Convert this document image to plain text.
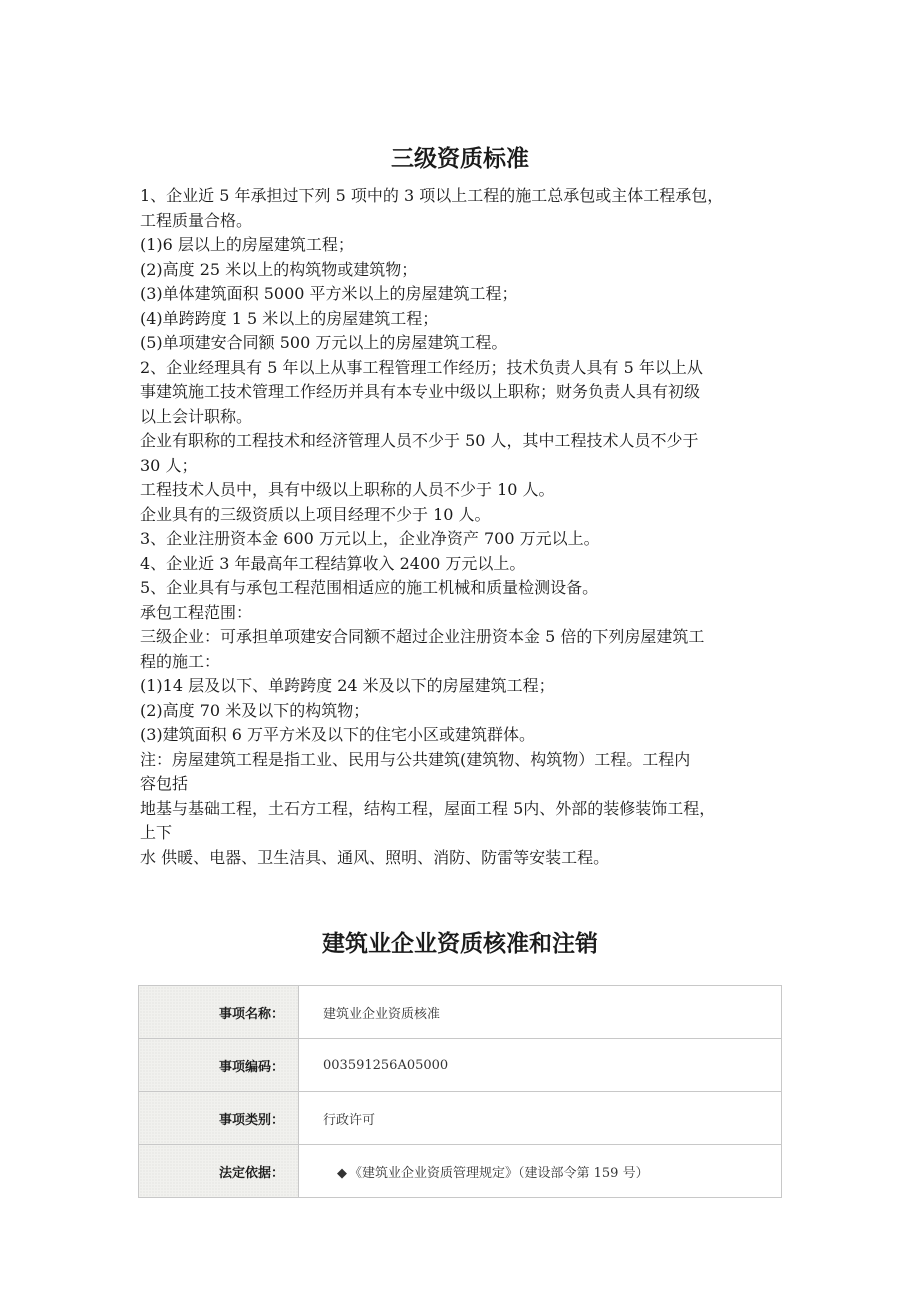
三级资质标准
1、企业近 5 年承担过下列 5 项中的 3 项以上工程的施工总承包或主体工程承包，
工程质量合格。
(1)6 层以上的房屋建筑工程；
(2)高度 25 米以上的构筑物或建筑物；
(3)单体建筑面积 5000 平方米以上的房屋建筑工程；
(4)单跨跨度 1 5 米以上的房屋建筑工程；
(5)单项建安合同额 500 万元以上的房屋建筑工程。
2、企业经理具有 5 年以上从事工程管理工作经历；技术负责人具有 5 年以上从
事建筑施工技术管理工作经历并具有本专业中级以上职称；财务负责人具有初级
以上会计职称。
企业有职称的工程技术和经济管理人员不少于 50 人，其中工程技术人员不少于
30 人；
工程技术人员中，具有中级以上职称的人员不少于 10 人。
企业具有的三级资质以上项目经理不少于 10 人。
3、企业注册资本金 600 万元以上，企业净资产 700 万元以上。
4、企业近 3 年最高年工程结算收入 2400 万元以上。
5、企业具有与承包工程范围相适应的施工机械和质量检测设备。
承包工程范围：
三级企业：可承担单项建安合同额不超过企业注册资本金 5 倍的下列房屋建筑工
程的施工：
(1)14 层及以下、单跨跨度 24 米及以下的房屋建筑工程；
(2)高度 70 米及以下的构筑物；
(3)建筑面积 6 万平方米及以下的住宅小区或建筑群体。
注：房屋建筑工程是指工业、民用与公共建筑(建筑物、构筑物）工程。工程内
容包括
地基与基础工程，土石方工程，结构工程，屋面工程 5内、外部的装修装饰工程，
上下
水 供暖、电器、卫生洁具、通风、照明、消防、防雷等安装工程。
建筑业企业资质核准和注销
事项名称：	建筑业企业资质核准
事项编码：	003591256A05000
事项类别：	行政许可
法定依据：	◆ 《建筑业企业资质管理规定》（建设部令第 159 号）
